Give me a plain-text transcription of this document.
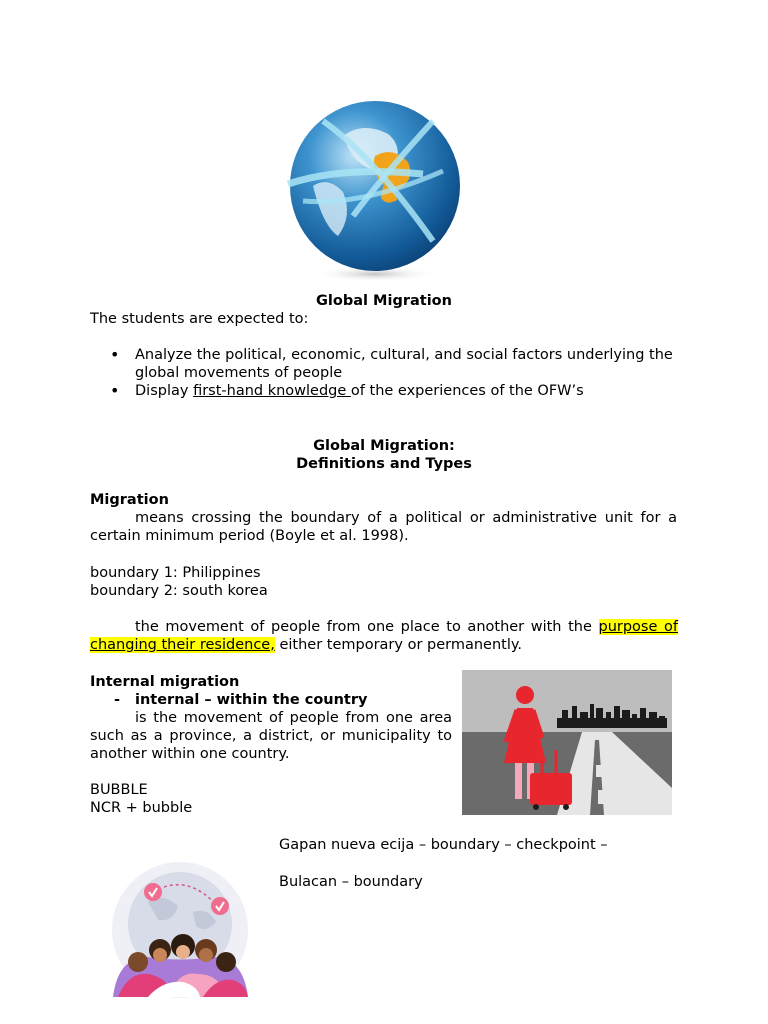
Global Migration
The students are expected to:
• Analyze the political, economic, cultural, and social factors underlying the global movements of people
• Display first-hand knowledge of the experiences of the OFW’s
Global Migration:
Definitions and Types
Migration
means crossing the boundary of a political or administrative unit for a certain minimum period (Boyle et al. 1998).
boundary 1: Philippines
boundary 2: south korea
the movement of people from one place to another with the purpose of changing their residence, either temporary or permanently.
Internal migration
- internal – within the country
is the movement of people from one area such as a province, a district, or municipality to another within one country.
BUBBLE
NCR + bubble
Gapan nueva ecija – boundary – checkpoint –
Bulacan – boundary
